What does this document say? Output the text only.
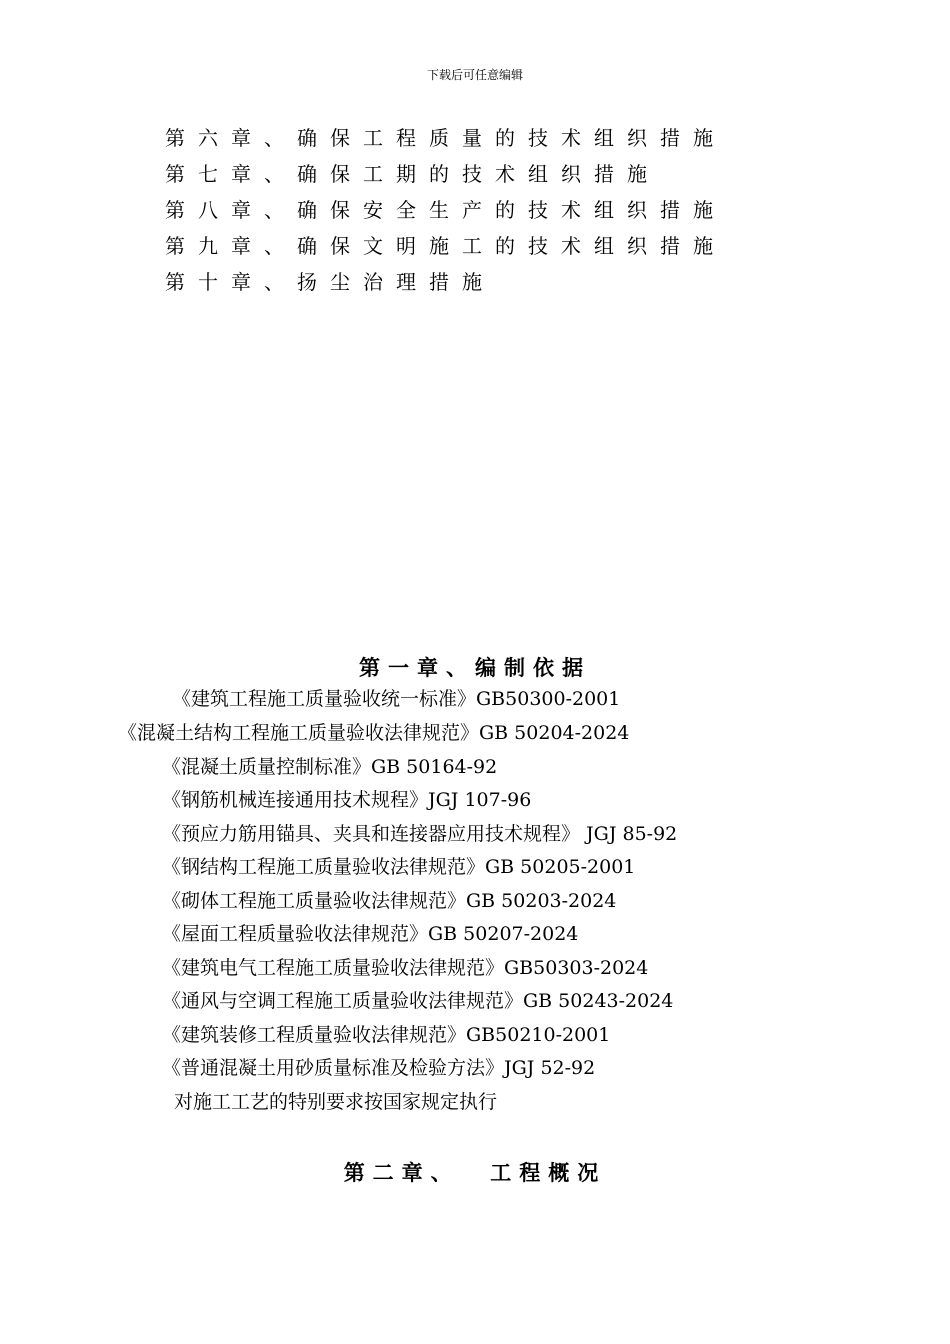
下载后可任意编辑
第六章、确保工程质量的技术组织措施
第七章、确保工期的技术组织措施
第八章、确保安全生产的技术组织措施
第九章、确保文明施工的技术组织措施
第十章、扬尘治理措施
第一章、编制依据
《建筑工程施工质量验收统一标准》GB50300-2001
《混凝土结构工程施工质量验收法律规范》GB 50204-2024
《混凝土质量控制标准》GB 50164-92
《钢筋机械连接通用技术规程》JGJ 107-96
《预应力筋用锚具、夹具和连接器应用技术规程》 JGJ 85-92
《钢结构工程施工质量验收法律规范》GB 50205-2001
《砌体工程施工质量验收法律规范》GB 50203-2024
《屋面工程质量验收法律规范》GB 50207-2024
《建筑电气工程施工质量验收法律规范》GB50303-2024
《通风与空调工程施工质量验收法律规范》GB 50243-2024
《建筑装修工程质量验收法律规范》GB50210-2001
《普通混凝土用砂质量标准及检验方法》JGJ 52-92
对施工工艺的特别要求按国家规定执行
第二章、  工程概况
